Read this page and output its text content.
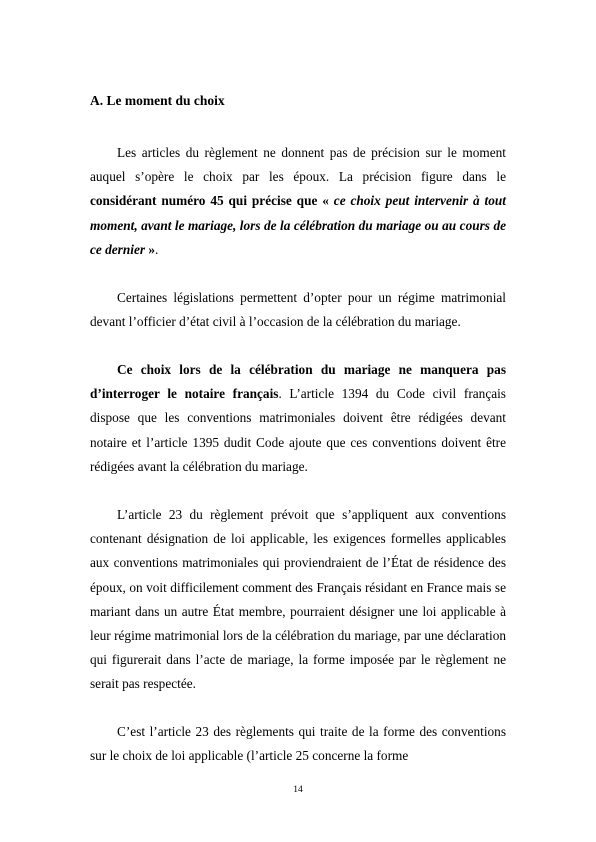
A. Le moment du choix

Les articles du règlement ne donnent pas de précision sur le moment auquel s’opère le choix par les époux. La précision figure dans le considérant numéro 45 qui précise que « ce choix peut intervenir à tout moment, avant le mariage, lors de la célébration du mariage ou au cours de ce dernier ».

Certaines législations permettent d’opter pour un régime matrimonial devant l’officier d’état civil à l’occasion de la célébration du mariage.

Ce choix lors de la célébration du mariage ne manquera pas d’interroger le notaire français. L’article 1394 du Code civil français dispose que les conventions matrimoniales doivent être rédigées devant notaire et l’article 1395 dudit Code ajoute que ces conventions doivent être rédigées avant la célébration du mariage.

L’article 23 du règlement prévoit que s’appliquent aux conventions contenant désignation de loi applicable, les exigences formelles applicables aux conventions matrimoniales qui proviendraient de l’État de résidence des époux, on voit difficilement comment des Français résidant en France mais se mariant dans un autre État membre, pourraient désigner une loi applicable à leur régime matrimonial lors de la célébration du mariage, par une déclaration qui figurerait dans l’acte de mariage, la forme imposée par le règlement ne serait pas respectée.

C’est l’article 23 des règlements qui traite de la forme des conventions sur le choix de loi applicable (l’article 25 concerne la forme

14
